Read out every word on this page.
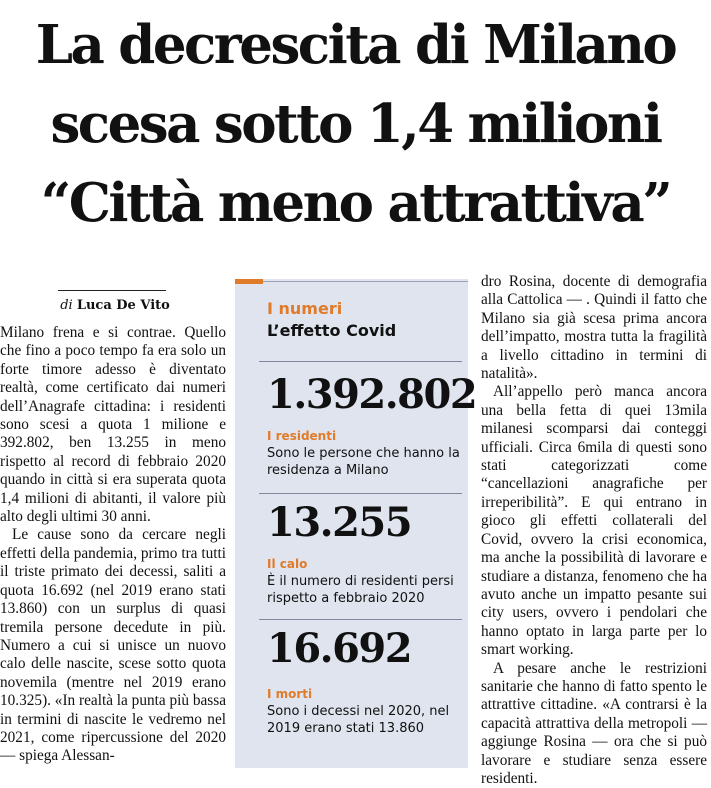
La decrescita di Milano
scesa sotto 1,4 milioni
“Città meno attrattiva”
di Luca De Vito

Milano frena e si contrae. Quello che fino a poco tempo fa era solo un forte timore adesso è diventato realtà, come certificato dai numeri dell’Anagrafe cittadina: i residenti sono scesi a quota 1 milione e 392.802, ben 13.255 in meno rispetto al record di febbraio 2020 quando in città si era superata quota 1,4 milioni di abitanti, il valore più alto degli ultimi 30 anni.

Le cause sono da cercare negli effetti della pandemia, primo tra tutti il triste primato dei decessi, saliti a quota 16.692 (nel 2019 erano stati 13.860) con un surplus di quasi tremila persone decedute in più. Numero a cui si unisce un nuovo calo delle nascite, scese sotto quota novemila (mentre nel 2019 erano 10.325). «In realtà la punta più bassa in termini di nascite le vedremo nel 2021, come ripercussione del 2020 — spiega Alessan-

I numeri
L’effetto Covid
1.392.802
I residenti
Sono le persone che hanno la residenza a Milano
13.255
Il calo
È il numero di residenti persi rispetto a febbraio 2020
16.692
I morti
Sono i decessi nel 2020, nel 2019 erano stati 13.860

dro Rosina, docente di demografia alla Cattolica — . Quindi il fatto che Milano sia già scesa prima ancora dell’impatto, mostra tutta la fragilità a livello cittadino in termini di natalità».

All’appello però manca ancora una bella fetta di quei 13mila milanesi scomparsi dai conteggi ufficiali. Circa 6mila di questi sono stati categorizzati come “cancellazioni anagrafiche per irreperibilità”. E qui entrano in gioco gli effetti collaterali del Covid, ovvero la crisi economica, ma anche la possibilità di lavorare e studiare a distanza, fenomeno che ha avuto anche un impatto pesante sui city users, ovvero i pendolari che hanno optato in larga parte per lo smart working.

A pesare anche le restrizioni sanitarie che hanno di fatto spento le attrattive cittadine. «A contrarsi è la capacità attrattiva della metropoli — aggiunge Rosina — ora che si può lavorare e studiare senza essere residenti.
